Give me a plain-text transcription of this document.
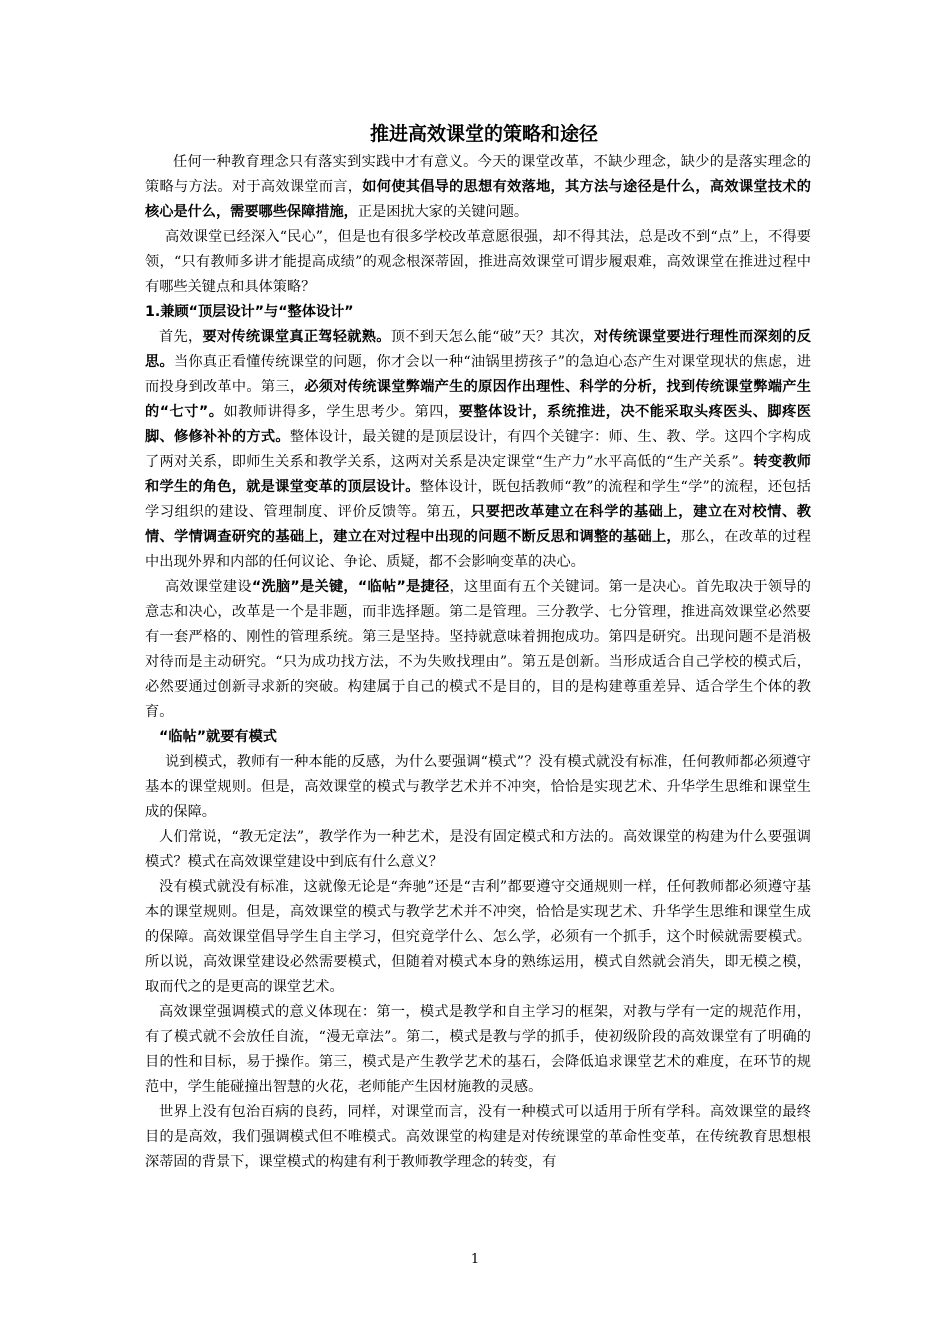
推进高效课堂的策略和途径

任何一种教育理念只有落实到实践中才有意义。今天的课堂改革，不缺少理念，缺少的是落实理念的策略与方法。对于高效课堂而言，如何使其倡导的思想有效落地，其方法与途径是什么，高效课堂技术的核心是什么，需要哪些保障措施，正是困扰大家的关键问题。

高效课堂已经深入“民心”，但是也有很多学校改革意愿很强，却不得其法，总是改不到“点”上，不得要领，“只有教师多讲才能提高成绩”的观念根深蒂固，推进高效课堂可谓步履艰难，高效课堂在推进过程中有哪些关键点和具体策略？

1.兼顾“顶层设计”与“整体设计”

首先，要对传统课堂真正驾轻就熟。顶不到天怎么能“破”天？其次，对传统课堂要进行理性而深刻的反思。当你真正看懂传统课堂的问题，你才会以一种“油锅里捞孩子”的急迫心态产生对课堂现状的焦虑，进而投身到改革中。第三，必须对传统课堂弊端产生的原因作出理性、科学的分析，找到传统课堂弊端产生的“七寸”。如教师讲得多，学生思考少。第四，要整体设计，系统推进，决不能采取头疼医头、脚疼医脚、修修补补的方式。整体设计，最关键的是顶层设计，有四个关键字：师、生、教、学。这四个字构成了两对关系，即师生关系和教学关系，这两对关系是决定课堂“生产力”水平高低的“生产关系”。转变教师和学生的角色，就是课堂变革的顶层设计。整体设计，既包括教师“教”的流程和学生“学”的流程，还包括学习组织的建设、管理制度、评价反馈等。第五，只要把改革建立在科学的基础上，建立在对校情、教情、学情调查研究的基础上，建立在对过程中出现的问题不断反思和调整的基础上，那么，在改革的过程中出现外界和内部的任何议论、争论、质疑，都不会影响变革的决心。

高效课堂建设“洗脑”是关键，“临帖”是捷径，这里面有五个关键词。第一是决心。首先取决于领导的意志和决心，改革是一个是非题，而非选择题。第二是管理。三分教学、七分管理，推进高效课堂必然要有一套严格的、刚性的管理系统。第三是坚持。坚持就意味着拥抱成功。第四是研究。出现问题不是消极对待而是主动研究。“只为成功找方法，不为失败找理由”。第五是创新。当形成适合自己学校的模式后，必然要通过创新寻求新的突破。构建属于自己的模式不是目的，目的是构建尊重差异、适合学生个体的教育。

“临帖”就要有模式

说到模式，教师有一种本能的反感，为什么要强调“模式”？没有模式就没有标准，任何教师都必须遵守基本的课堂规则。但是，高效课堂的模式与教学艺术并不冲突，恰恰是实现艺术、升华学生思维和课堂生成的保障。

人们常说，“教无定法”，教学作为一种艺术，是没有固定模式和方法的。高效课堂的构建为什么要强调模式？模式在高效课堂建设中到底有什么意义？

没有模式就没有标准，这就像无论是“奔驰”还是“吉利”都要遵守交通规则一样，任何教师都必须遵守基本的课堂规则。但是，高效课堂的模式与教学艺术并不冲突，恰恰是实现艺术、升华学生思维和课堂生成的保障。高效课堂倡导学生自主学习，但究竟学什么、怎么学，必须有一个抓手，这个时候就需要模式。所以说，高效课堂建设必然需要模式，但随着对模式本身的熟练运用，模式自然就会消失，即无模之模，取而代之的是更高的课堂艺术。

高效课堂强调模式的意义体现在：第一，模式是教学和自主学习的框架，对教与学有一定的规范作用，有了模式就不会放任自流，“漫无章法”。第二，模式是教与学的抓手，使初级阶段的高效课堂有了明确的目的性和目标，易于操作。第三，模式是产生教学艺术的基石，会降低追求课堂艺术的难度，在环节的规范中，学生能碰撞出智慧的火花，老师能产生因材施教的灵感。

世界上没有包治百病的良药，同样，对课堂而言，没有一种模式可以适用于所有学科。高效课堂的最终目的是高效，我们强调模式但不唯模式。高效课堂的构建是对传统课堂的革命性变革，在传统教育思想根深蒂固的背景下，课堂模式的构建有利于教师教学理念的转变，有

1
